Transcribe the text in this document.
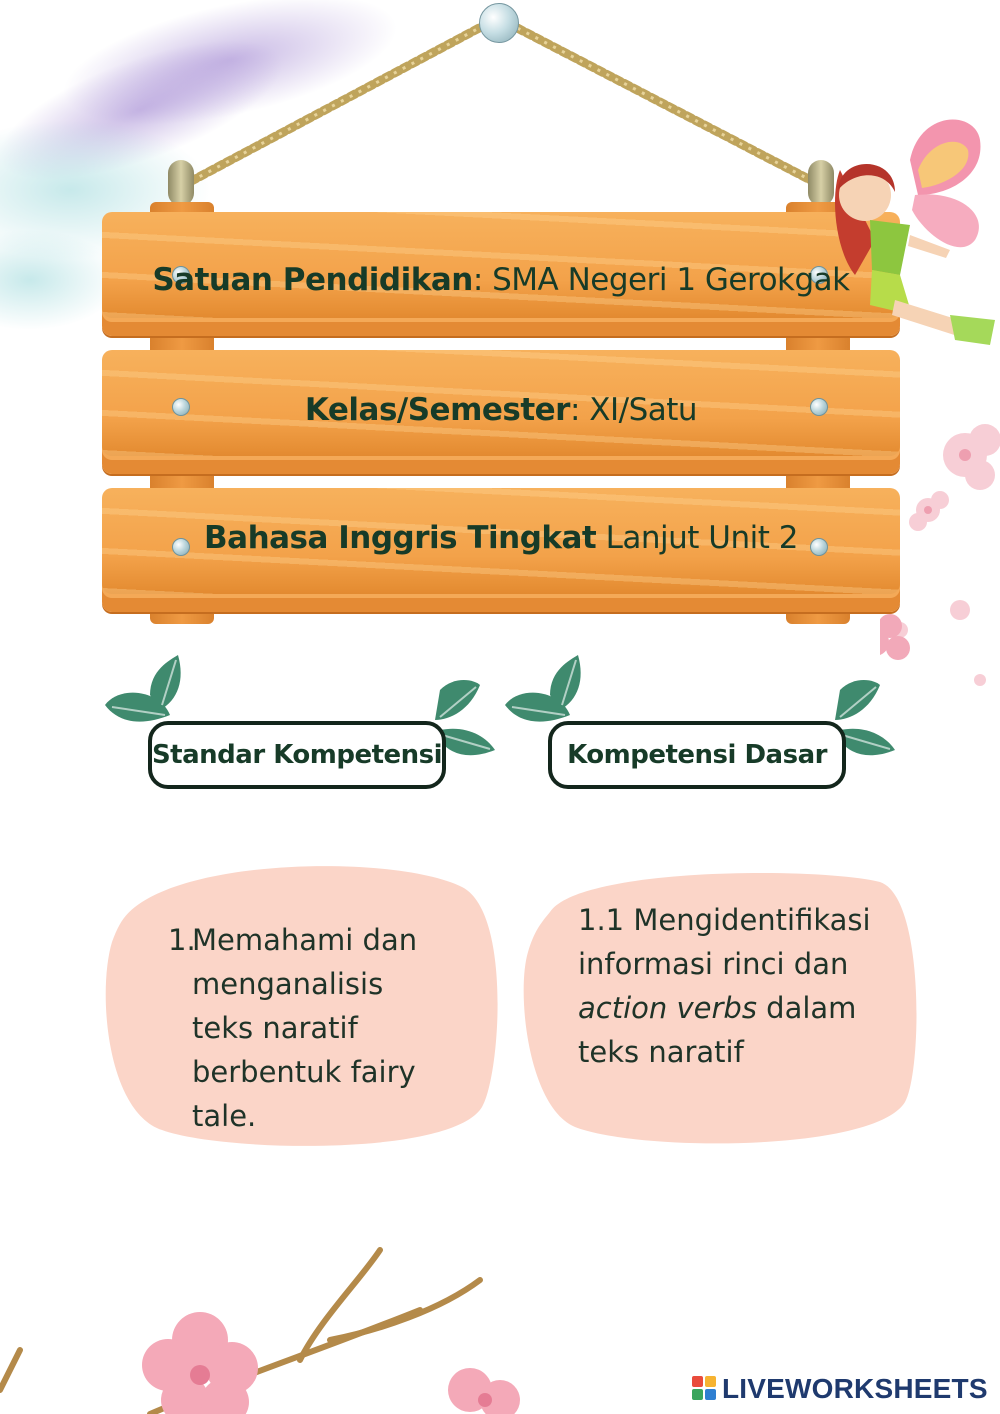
Satuan Pendidikan: SMA Negeri 1 Gerokgak
Kelas/Semester: XI/Satu
Bahasa Inggris Tingkat Lanjut Unit 2
Standar Kompetensi	Kompetensi Dasar
1.
Memahami dan menganalisis teks naratif berbentuk fairy tale.
1.1 Mengidentifikasi informasi rinci dan action verbs dalam teks naratif
LIVEWORKSHEETS
